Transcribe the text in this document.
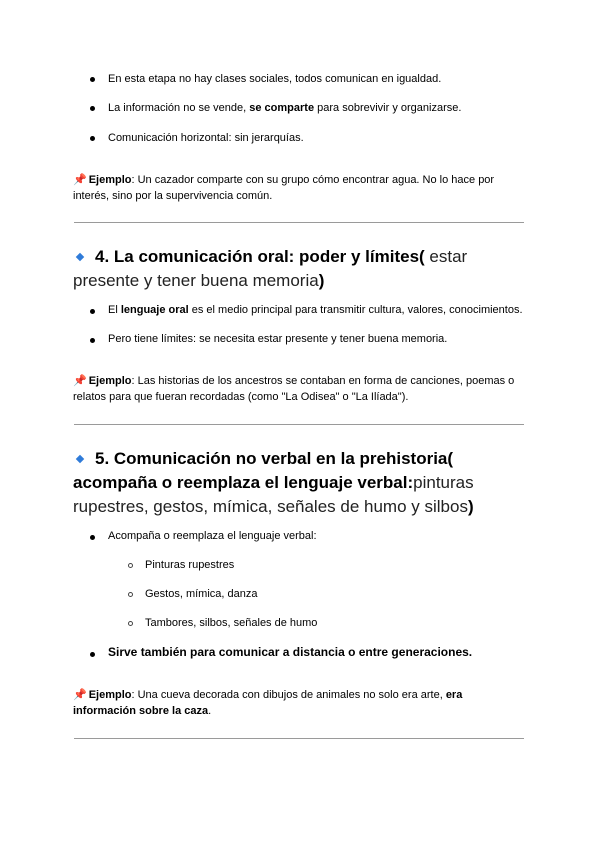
En esta etapa no hay clases sociales, todos comunican en igualdad.
La información no se vende, se comparte para sobrevivir y organizarse.
Comunicación horizontal: sin jerarquías.
📌 Ejemplo: Un cazador comparte con su grupo cómo encontrar agua. No lo hace por
interés, sino por la supervivencia común.
4. La comunicación oral: poder y límites( estar
presente y tener buena memoria)
El lenguaje oral es el medio principal para transmitir cultura, valores, conocimientos.
Pero tiene límites: se necesita estar presente y tener buena memoria.
📌 Ejemplo: Las historias de los ancestros se contaban en forma de canciones, poemas o
relatos para que fueran recordadas (como "La Odisea" o "La Ilíada").
5. Comunicación no verbal en la prehistoria(
acompaña o reemplaza el lenguaje verbal:pinturas
rupestres, gestos, mímica, señales de humo y silbos)
Acompaña o reemplaza el lenguaje verbal:
Pinturas rupestres
Gestos, mímica, danza
Tambores, silbos, señales de humo
Sirve también para comunicar a distancia o entre generaciones.
📌 Ejemplo: Una cueva decorada con dibujos de animales no solo era arte, era
información sobre la caza.
